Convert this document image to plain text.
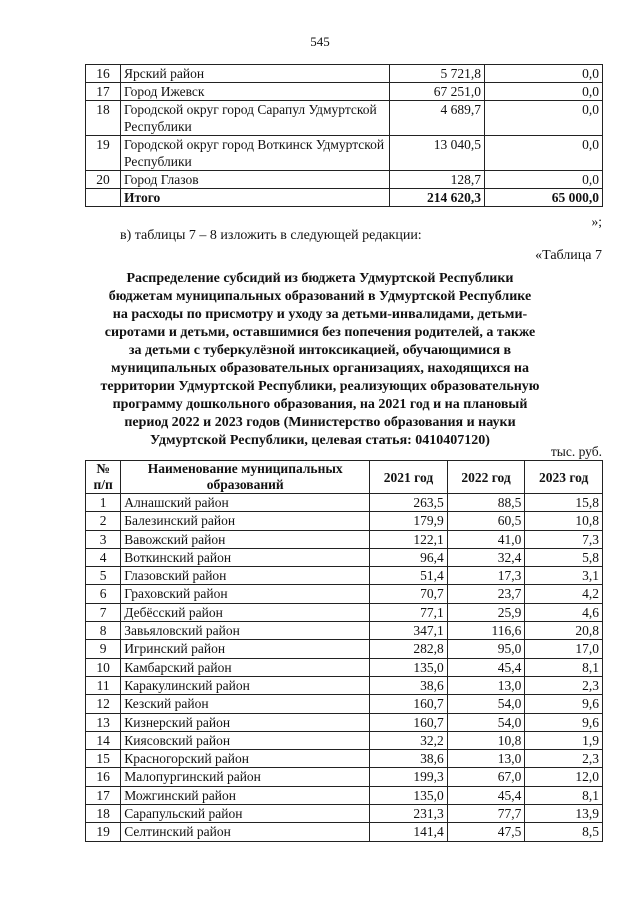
545
16	Ярский район	5 721,8	0,0
17	Город Ижевск	67 251,0	0,0
18	Городской округ город Сарапул Удмуртской Республики	4 689,7	0,0
19	Городской округ город Воткинск Удмуртской Республики	13 040,5	0,0
20	Город Глазов	128,7	0,0
	Итого	214 620,3	65 000,0
»;
в) таблицы 7 – 8 изложить в следующей редакции:
«Таблица 7
Распределение субсидий из бюджета Удмуртской Республики бюджетам муниципальных образований в Удмуртской Республике на расходы по присмотру и уходу за детьми-инвалидами, детьми-сиротами и детьми, оставшимися без попечения родителей, а также за детьми с туберкулёзной интоксикацией, обучающимися в муниципальных образовательных организациях, находящихся на территории Удмуртской Республики, реализующих образовательную программу дошкольного образования, на 2021 год и на плановый период 2022 и 2023 годов (Министерство образования и науки Удмуртской Республики, целевая статья: 0410407120)
тыс. руб.
№ п/п	Наименование муниципальных образований	2021 год	2022 год	2023 год
1	Алнашский район	263,5	88,5	15,8
2	Балезинский район	179,9	60,5	10,8
3	Вавожский район	122,1	41,0	7,3
4	Воткинский район	96,4	32,4	5,8
5	Глазовский район	51,4	17,3	3,1
6	Граховский район	70,7	23,7	4,2
7	Дебёсский район	77,1	25,9	4,6
8	Завьяловский район	347,1	116,6	20,8
9	Игринский район	282,8	95,0	17,0
10	Камбарский район	135,0	45,4	8,1
11	Каракулинский район	38,6	13,0	2,3
12	Кезский район	160,7	54,0	9,6
13	Кизнерский район	160,7	54,0	9,6
14	Киясовский район	32,2	10,8	1,9
15	Красногорский район	38,6	13,0	2,3
16	Малопургинский район	199,3	67,0	12,0
17	Можгинский район	135,0	45,4	8,1
18	Сарапульский район	231,3	77,7	13,9
19	Селтинский район	141,4	47,5	8,5
